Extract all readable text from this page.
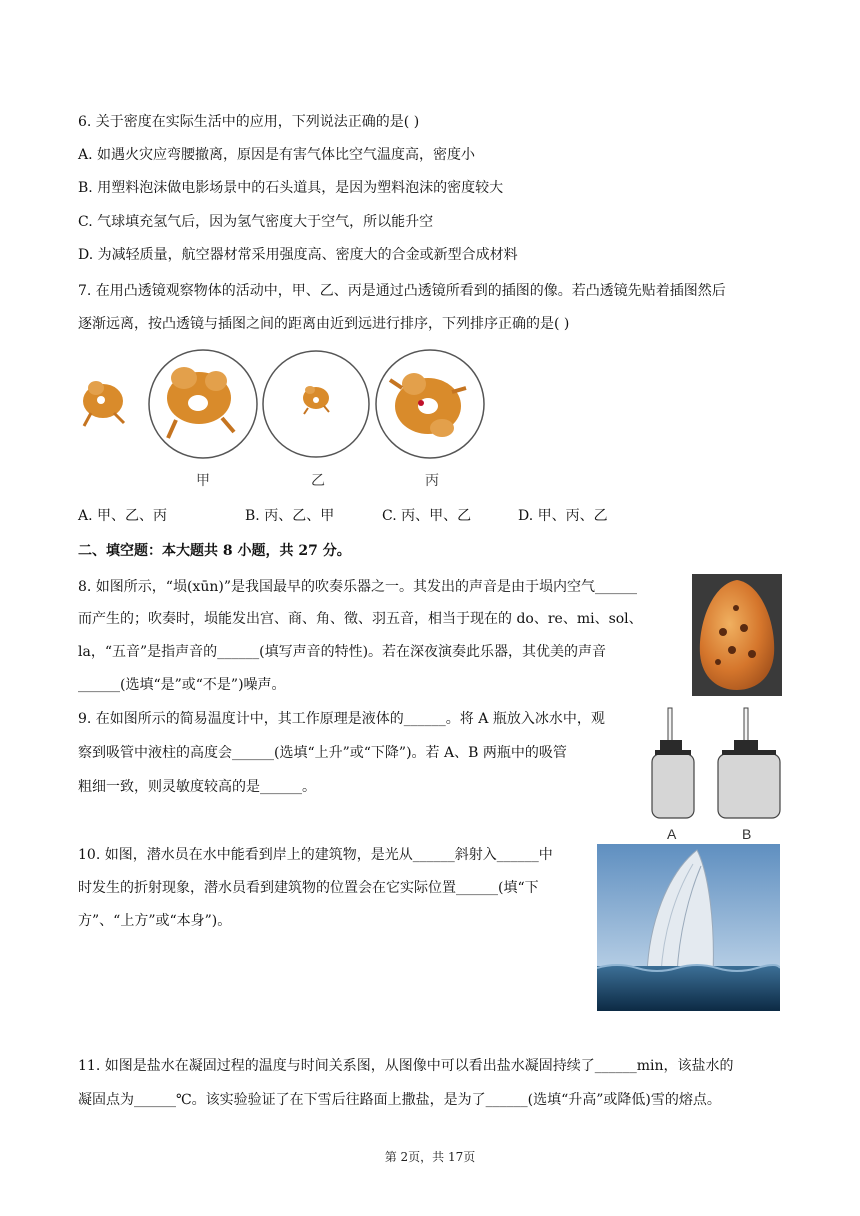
6. 关于密度在实际生活中的应用，下列说法正确的是( )
A. 如遇火灾应弯腰撤离，原因是有害气体比空气温度高，密度小
B. 用塑料泡沫做电影场景中的石头道具，是因为塑料泡沫的密度较大
C. 气球填充氢气后，因为氢气密度大于空气，所以能升空
D. 为减轻质量，航空器材常采用强度高、密度大的合金或新型合成材料
7. 在用凸透镜观察物体的活动中，甲、乙、丙是通过凸透镜所看到的插图的像。若凸透镜先贴着插图然后
逐渐远离，按凸透镜与插图之间的距离由近到远进行排序，下列排序正确的是( )
甲	乙	丙
A. 甲、乙、丙	B. 丙、乙、甲	C. 丙、甲、乙	D. 甲、丙、乙
二、填空题：本大题共 8 小题，共 27 分。
8. 如图所示，“埙(xūn)”是我国最早的吹奏乐器之一。其发出的声音是由于埙内空气______
而产生的；吹奏时，埙能发出宫、商、角、徵、羽五音，相当于现在的 do、re、mi、sol、
la，“五音”是指声音的______(填写声音的特性)。若在深夜演奏此乐器，其优美的声音
______(选填“是”或“不是”)噪声。
9. 在如图所示的简易温度计中，其工作原理是液体的______。将 A 瓶放入冰水中，观
察到吸管中液柱的高度会______(选填“上升”或“下降”)。若 A、B 两瓶中的吸管
粗细一致，则灵敏度较高的是______。
A	B
10. 如图，潜水员在水中能看到岸上的建筑物，是光从______斜射入______中
时发生的折射现象，潜水员看到建筑物的位置会在它实际位置______(填“下
方”、“上方”或“本身”)。
11. 如图是盐水在凝固过程的温度与时间关系图，从图像中可以看出盐水凝固持续了______min，该盐水的
凝固点为______℃。该实验验证了在下雪后往路面上撒盐，是为了______(选填“升高”或降低)雪的熔点。
第 2页，共 17页
